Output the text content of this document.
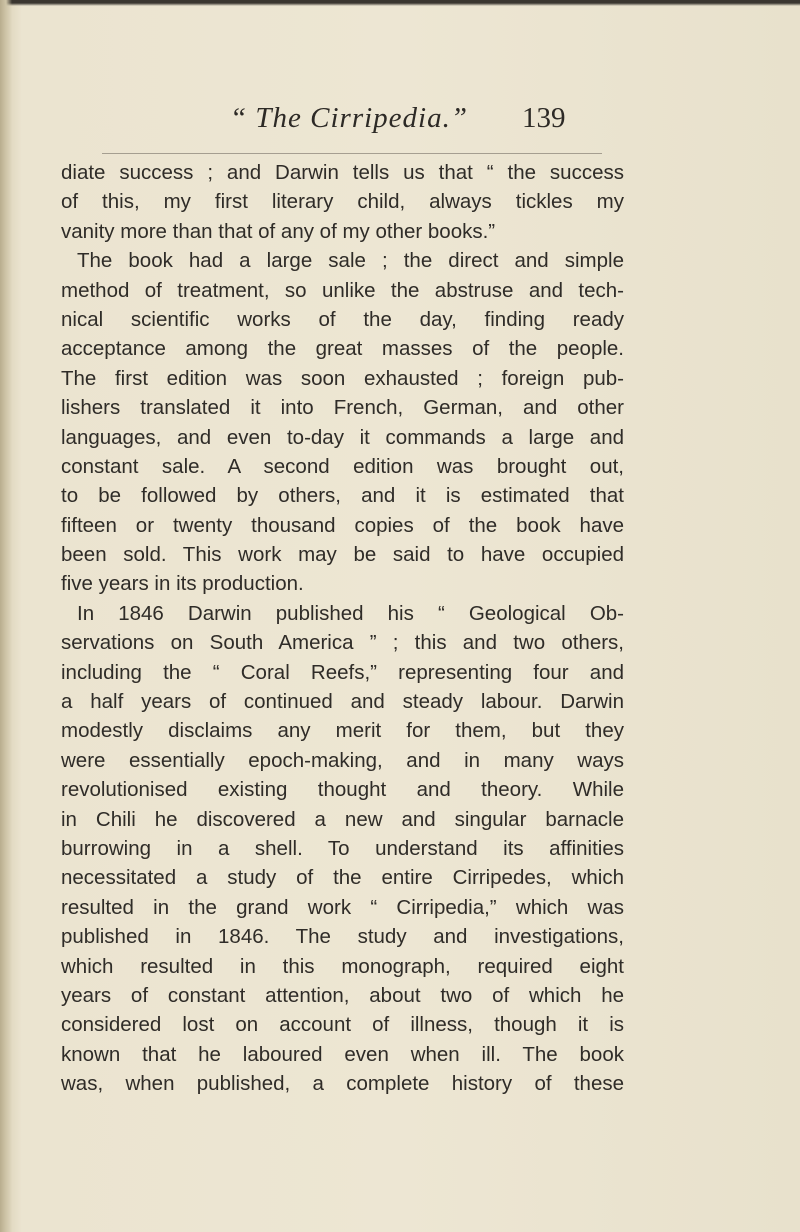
“ The Cirripedia.” 139
diate success ; and Darwin tells us that “ the success
of this, my first literary child, always tickles my
vanity more than that of any of my other books.”
The book had a large sale ; the direct and simple
method of treatment, so unlike the abstruse and tech-
nical scientific works of the day, finding ready
acceptance among the great masses of the people.
The first edition was soon exhausted ; foreign pub-
lishers translated it into French, German, and other
languages, and even to-day it commands a large and
constant sale. A second edition was brought out,
to be followed by others, and it is estimated that
fifteen or twenty thousand copies of the book have
been sold. This work may be said to have occupied
five years in its production.
In 1846 Darwin published his “ Geological Ob-
servations on South America ” ; this and two others,
including the “ Coral Reefs,” representing four and
a half years of continued and steady labour. Darwin
modestly disclaims any merit for them, but they
were essentially epoch-making, and in many ways
revolutionised existing thought and theory. While
in Chili he discovered a new and singular barnacle
burrowing in a shell. To understand its affinities
necessitated a study of the entire Cirripedes, which
resulted in the grand work “ Cirripedia,” which was
published in 1846. The study and investigations,
which resulted in this monograph, required eight
years of constant attention, about two of which he
considered lost on account of illness, though it is
known that he laboured even when ill. The book
was, when published, a complete history of these
